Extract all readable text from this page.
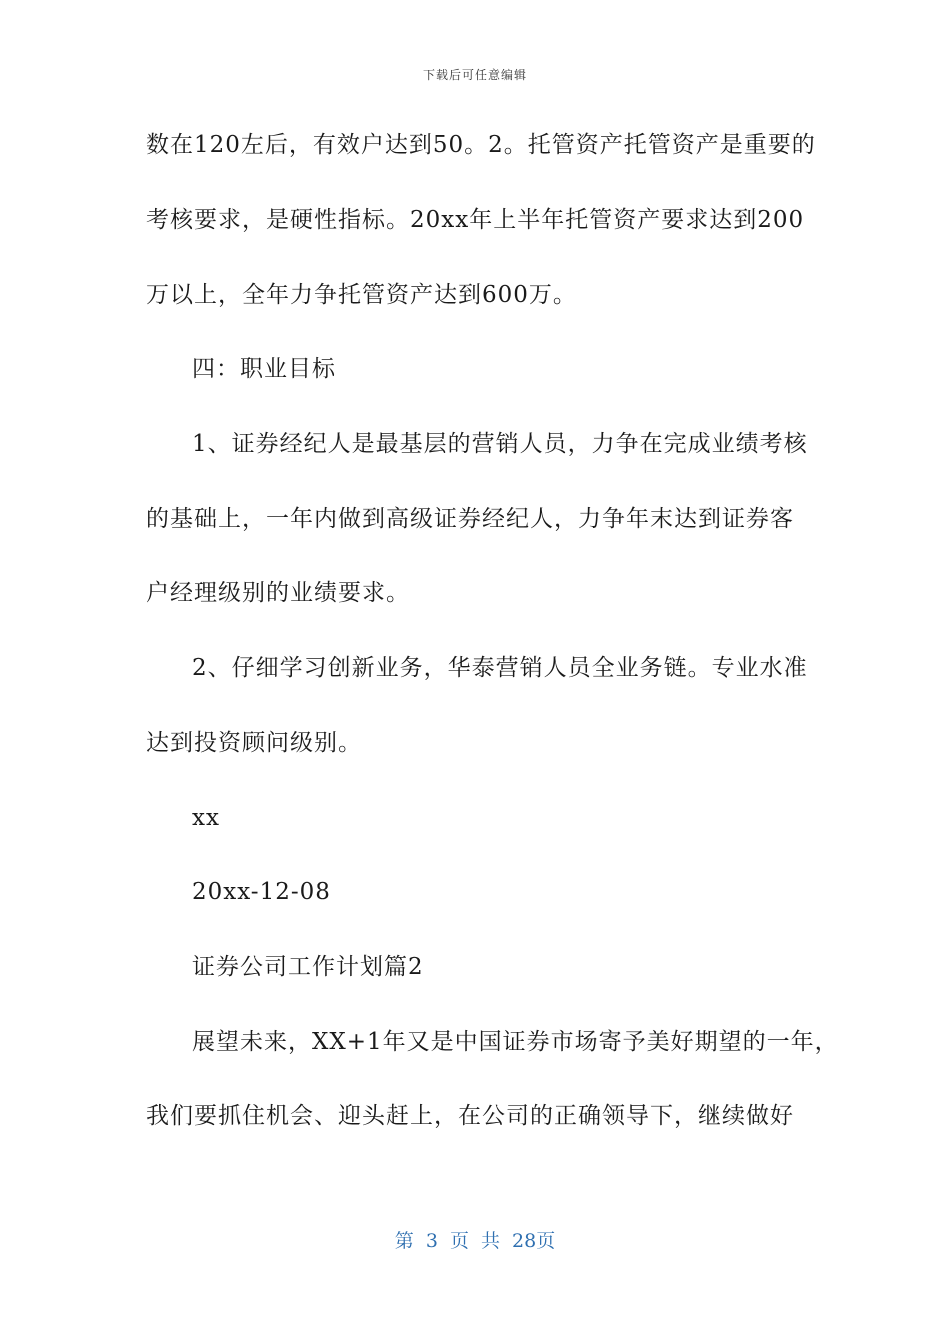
下载后可任意编辑
数在120左后，有效户达到50。2。托管资产托管资产是重要的
考核要求，是硬性指标。20xx年上半年托管资产要求达到200
万以上，全年力争托管资产达到600万。
四：职业目标
1、证券经纪人是最基层的营销人员，力争在完成业绩考核
的基础上，一年内做到高级证券经纪人，力争年末达到证券客
户经理级别的业绩要求。
2、仔细学习创新业务，华泰营销人员全业务链。专业水准
达到投资顾问级别。
xx
20xx-12-08
证券公司工作计划篇2
展望未来，XX+1年又是中国证券市场寄予美好期望的一年，
我们要抓住机会、迎头赶上，在公司的正确领导下，继续做好
第 3 页 共 28页
